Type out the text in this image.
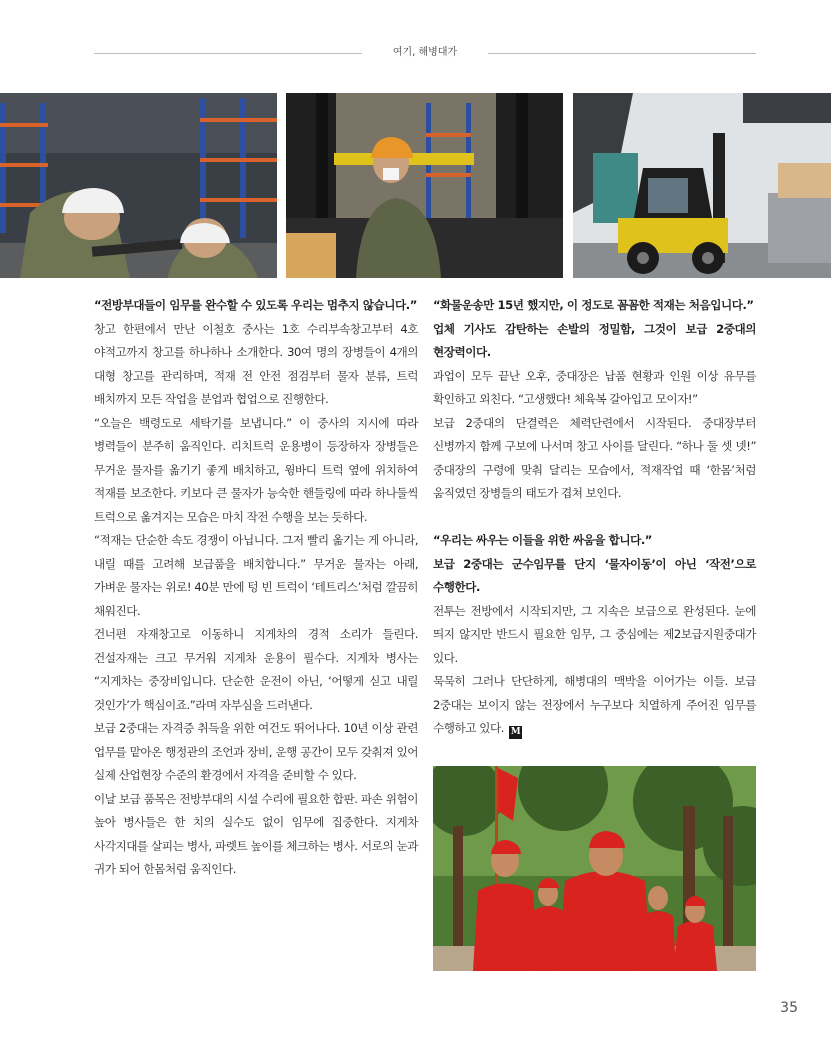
여기, 해병대가

“전방부대들이 임무를 완수할 수 있도록 우리는 멈추지 않습니다.”

창고 한편에서 만난 이철호 중사는 1호 수리부속창고부터 4호 야적고까지 창고를 하나하나 소개한다. 30여 명의 장병들이 4개의 대형 창고를 관리하며, 적재 전 안전 점검부터 물자 분류, 트럭 배치까지 모든 작업을 분업과 협업으로 진행한다.

“오늘은 백령도로 세탁기를 보냅니다.” 이 중사의 지시에 따라 병력들이 분주히 움직인다. 리치트럭 운용병이 등장하자 장병들은 무거운 물자를 옮기기 좋게 배치하고, 윙바디 트럭 옆에 위치하여 적재를 보조한다. 키보다 큰 물자가 능숙한 핸들링에 따라 하나둘씩 트럭으로 옮겨지는 모습은 마치 작전 수행을 보는 듯하다.

“적재는 단순한 속도 경쟁이 아닙니다. 그저 빨리 옮기는 게 아니라, 내릴 때를 고려해 보급품을 배치합니다.” 무거운 물자는 아래, 가벼운 물자는 위로! 40분 만에 텅 빈 트럭이 ‘테트리스’처럼 깔끔히 채워진다.

건너편 자재창고로 이동하니 지게차의 경적 소리가 들린다. 건설자재는 크고 무거워 지게차 운용이 필수다. 지게차 병사는 “지게차는 중장비입니다. 단순한 운전이 아닌, ‘어떻게 싣고 내릴 것인가’가 핵심이죠.”라며 자부심을 드러낸다.

보급 2중대는 자격증 취득을 위한 여건도 뛰어나다. 10년 이상 관련 업무를 맡아온 행정관의 조언과 장비, 운행 공간이 모두 갖춰져 있어 실제 산업현장 수준의 환경에서 자격을 준비할 수 있다.

이날 보급 품목은 전방부대의 시설 수리에 필요한 합판. 파손 위험이 높아 병사들은 한 치의 실수도 없이 임무에 집중한다. 지게차 사각지대를 살피는 병사, 파렛트 높이를 체크하는 병사. 서로의 눈과 귀가 되어 한몸처럼 움직인다.

“화물운송만 15년 했지만, 이 정도로 꼼꼼한 적재는 처음입니다.”

업체 기사도 감탄하는 손발의 정밀함, 그것이 보급 2중대의 현장력이다.

과업이 모두 끝난 오후, 중대장은 납품 현황과 인원 이상 유무를 확인하고 외친다. “고생했다! 체육복 갈아입고 모이자!”

보급 2중대의 단결력은 체력단련에서 시작된다. 중대장부터 신병까지 함께 구보에 나서며 창고 사이를 달린다. “하나 둘 셋 넷!” 중대장의 구령에 맞춰 달리는 모습에서, 적재작업 때 ‘한몸’처럼 움직였던 장병들의 태도가 겹쳐 보인다.

“우리는 싸우는 이들을 위한 싸움을 합니다.”

보급 2중대는 군수임무를 단지 ‘물자이동’이 아닌 ‘작전’으로 수행한다.

전투는 전방에서 시작되지만, 그 지속은 보급으로 완성된다. 눈에 띄지 않지만 반드시 필요한 임무, 그 중심에는 제2보급지원중대가 있다.

묵묵히 그러나 단단하게, 해병대의 맥박을 이어가는 이들. 보급 2중대는 보이지 않는 전장에서 누구보다 치열하게 주어진 임무를 수행하고 있다. M

35
